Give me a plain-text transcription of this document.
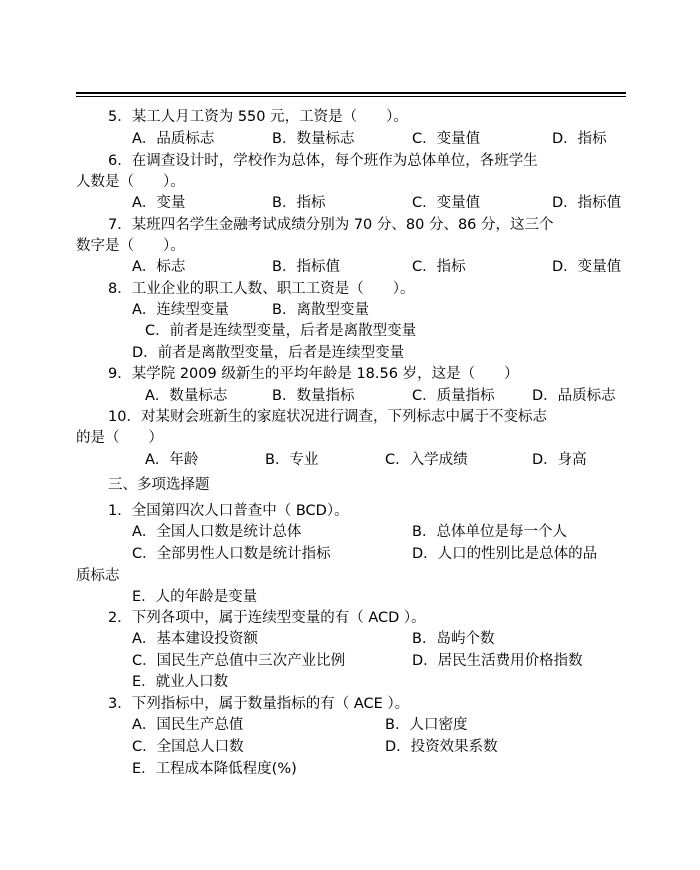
5．某工人月工资为 550 元，工资是（　　）。
A．品质标志	B．数量标志	C．变量值	D．指标
6．在调查设计时，学校作为总体，每个班作为总体单位，各班学生
人数是（　　）。
A．变量	B．指标	C．变量值	D．指标值
7．某班四名学生金融考试成绩分别为 70 分、80 分、86 分，这三个
数字是（　　）。
A．标志	B．指标值	C．指标	D．变量值
8．工业企业的职工人数、职工工资是（　　）。
A．连续型变量	B．离散型变量
C．前者是连续型变量，后者是离散型变量
D．前者是离散型变量，后者是连续型变量
9．某学院 2009 级新生的平均年龄是 18.56 岁，这是（　　）
A．数量标志	B．数量指标	C．质量指标	D．品质标志
10．对某财会班新生的家庭状况进行调查，下列标志中属于不变标志
的是（　　）
A．年龄	B．专业	C．入学成绩	D．身高
三、多项选择题
1．全国第四次人口普查中（ BCD）。
A．全国人口数是统计总体	B．总体单位是每一个人
C．全部男性人口数是统计指标	D．人口的性别比是总体的品
质标志
E．人的年龄是变量
2．下列各项中，属于连续型变量的有（ ACD ）。
A．基本建设投资额	B．岛屿个数
C．国民生产总值中三次产业比例	D．居民生活费用价格指数
E．就业人口数
3．下列指标中，属于数量指标的有（ ACE ）。
A．国民生产总值	B．人口密度
C．全国总人口数	D．投资效果系数
E．工程成本降低程度(%)
